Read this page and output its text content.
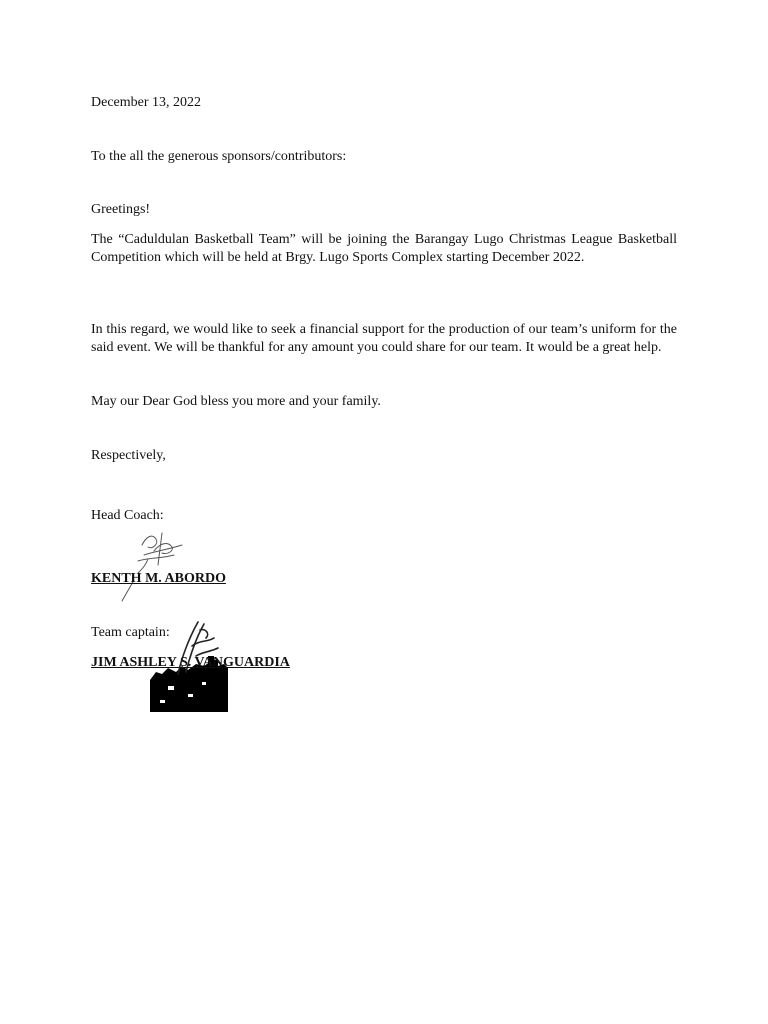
December 13, 2022
To the all the generous sponsors/contributors:
Greetings!
The “Caduldulan Basketball Team” will be joining the Barangay Lugo Christmas League Basketball Competition which will be held at Brgy. Lugo Sports Complex starting December 2022.
In this regard, we would like to seek a financial support for the production of our team’s uniform for the said event. We will be thankful for any amount you could share for our team. It would be a great help.
May our Dear God bless you more and your family.
Respectively,
Head Coach:
KENTH M. ABORDO
Team captain:
JIM ASHLEY S. VANGUARDIA
